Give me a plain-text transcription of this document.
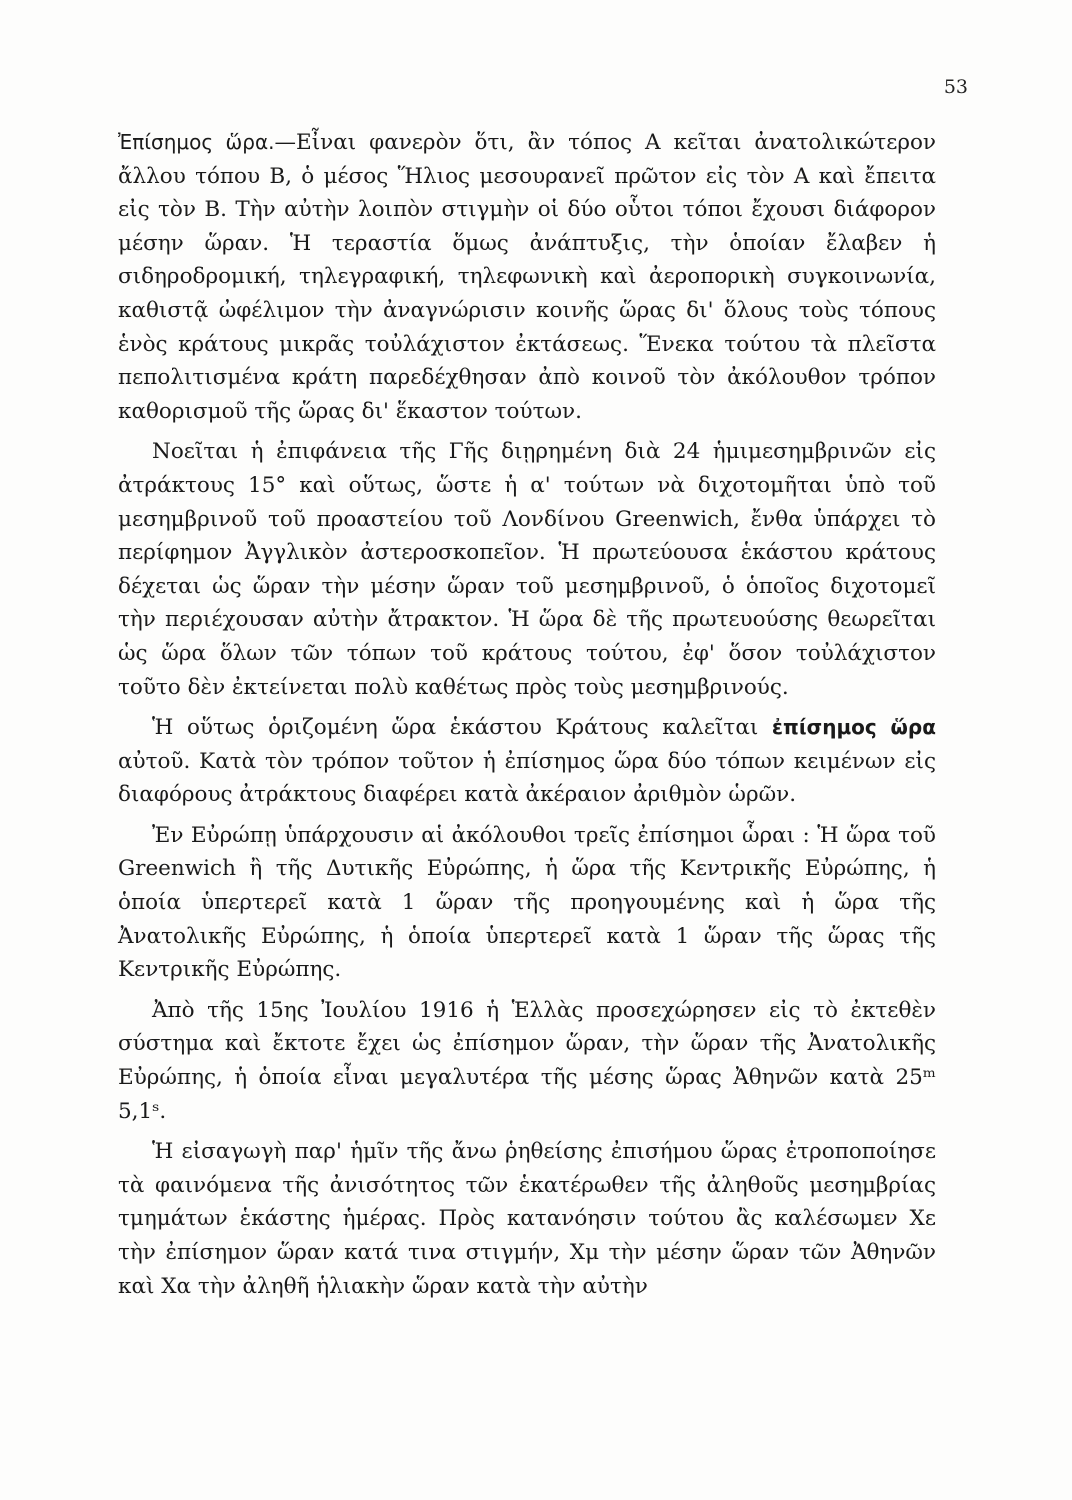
53

Ἐπίσημος ὥρα.—Εἶναι φανερὸν ὅτι, ἂν τόπος Α κεῖται ἀνατολικώτερον ἄλλου τόπου Β, ὁ μέσος Ἥλιος μεσουρανεῖ πρῶτον εἰς τὸν Α καὶ ἔπειτα εἰς τὸν Β. Τὴν αὐτὴν λοιπὸν στιγμὴν οἱ δύο οὗτοι τόποι ἔχουσι διάφορον μέσην ὥραν. Ἡ τεραστία ὅμως ἀνάπτυξις, τὴν ὁποίαν ἔλαβεν ἡ σιδηροδρομική, τηλεγραφική, τηλεφωνικὴ καὶ ἀεροπορικὴ συγκοινωνία, καθιστᾷ ὠφέλιμον τὴν ἀναγνώρισιν κοινῆς ὥρας δι' ὅλους τοὺς τόπους ἑνὸς κράτους μικρᾶς τοὐλάχιστον ἐκτάσεως. Ἕνεκα τούτου τὰ πλεῖστα πεπολιτισμένα κράτη παρεδέχθησαν ἀπὸ κοινοῦ τὸν ἀκόλουθον τρόπον καθορισμοῦ τῆς ὥρας δι' ἕκαστον τούτων.

Νοεῖται ἡ ἐπιφάνεια τῆς Γῆς διῃρημένη διὰ 24 ἡμιμεσημβρινῶν εἰς ἀτράκτους 15° καὶ οὕτως, ὥστε ἡ α' τούτων νὰ διχοτομῆται ὑπὸ τοῦ μεσημβρινοῦ τοῦ προαστείου τοῦ Λονδίνου Greenwich, ἔνθα ὑπάρχει τὸ περίφημον Ἀγγλικὸν ἀστεροσκοπεῖον. Ἡ πρωτεύουσα ἑκάστου κράτους δέχεται ὡς ὥραν τὴν μέσην ὥραν τοῦ μεσημβρινοῦ, ὁ ὁποῖος διχοτομεῖ τὴν περιέχουσαν αὐτὴν ἄτρακτον. Ἡ ὥρα δὲ τῆς πρωτευούσης θεωρεῖται ὡς ὥρα ὅλων τῶν τόπων τοῦ κράτους τούτου, ἐφ' ὅσον τοὐλάχιστον τοῦτο δὲν ἐκτείνεται πολὺ καθέτως πρὸς τοὺς μεσημβρινούς.

Ἡ οὕτως ὁριζομένη ὥρα ἑκάστου Κράτους καλεῖται ἐπίσημος ὥρα αὐτοῦ. Κατὰ τὸν τρόπον τοῦτον ἡ ἐπίσημος ὥρα δύο τόπων κειμένων εἰς διαφόρους ἀτράκτους διαφέρει κατὰ ἀκέραιον ἀριθμὸν ὡρῶν.

Ἐν Εὐρώπῃ ὑπάρχουσιν αἱ ἀκόλουθοι τρεῖς ἐπίσημοι ὧραι : Ἡ ὥρα τοῦ Greenwich ἢ τῆς Δυτικῆς Εὐρώπης, ἡ ὥρα τῆς Κεντρικῆς Εὐρώπης, ἡ ὁποία ὑπερτερεῖ κατὰ 1 ὥραν τῆς προηγουμένης καὶ ἡ ὥρα τῆς Ἀνατολικῆς Εὐρώπης, ἡ ὁποία ὑπερτερεῖ κατὰ 1 ὥραν τῆς ὥρας τῆς Κεντρικῆς Εὐρώπης.

Ἀπὸ τῆς 15ης Ἰουλίου 1916 ἡ Ἑλλὰς προσεχώρησεν εἰς τὸ ἐκτεθὲν σύστημα καὶ ἔκτοτε ἔχει ὡς ἐπίσημον ὥραν, τὴν ὥραν τῆς Ἀνατολικῆς Εὐρώπης, ἡ ὁποία εἶναι μεγαλυτέρα τῆς μέσης ὥρας Ἀθηνῶν κατὰ 25ᵐ 5,1ˢ.

Ἡ εἰσαγωγὴ παρ' ἡμῖν τῆς ἄνω ῥηθείσης ἐπισήμου ὥρας ἐτροποποίησε τὰ φαινόμενα τῆς ἀνισότητος τῶν ἑκατέρωθεν τῆς ἀληθοῦς μεσημβρίας τμημάτων ἑκάστης ἡμέρας. Πρὸς κατανόησιν τούτου ἂς καλέσωμεν Χε τὴν ἐπίσημον ὥραν κατά τινα στιγμήν, Χμ τὴν μέσην ὥραν τῶν Ἀθηνῶν καὶ Χα τὴν ἀληθῆ ἡλιακὴν ὥραν κατὰ τὴν αὐτὴν
